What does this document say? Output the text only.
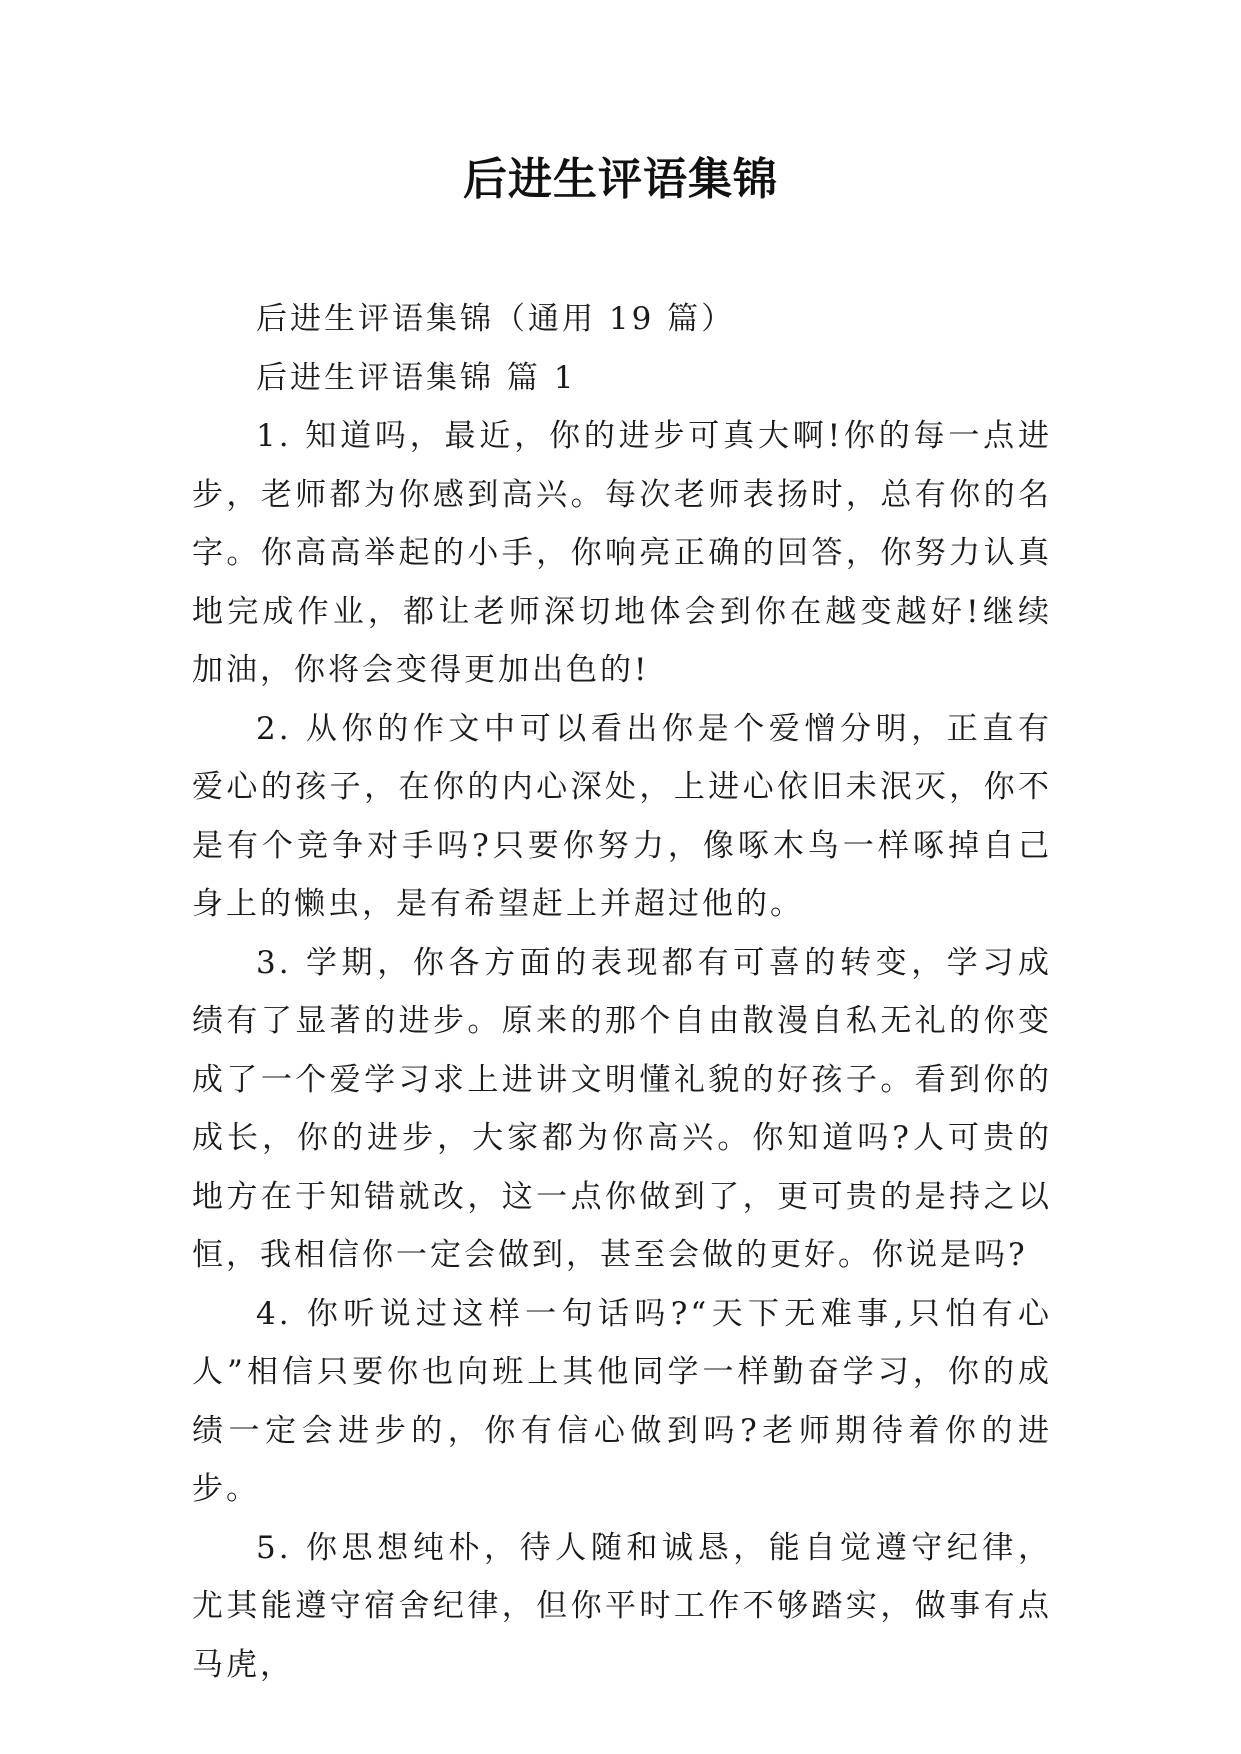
后进生评语集锦

后进生评语集锦（通用 19 篇）

后进生评语集锦 篇 1

1. 知道吗，最近，你的进步可真大啊!你的每一点进步，老师都为你感到高兴。每次老师表扬时，总有你的名字。你高高举起的小手，你响亮正确的回答，你努力认真地完成作业，都让老师深切地体会到你在越变越好!继续加油，你将会变得更加出色的!

2. 从你的作文中可以看出你是个爱憎分明，正直有爱心的孩子，在你的内心深处，上进心依旧未泯灭，你不是有个竞争对手吗?只要你努力，像啄木鸟一样啄掉自己身上的懒虫，是有希望赶上并超过他的。

3. 学期，你各方面的表现都有可喜的转变，学习成绩有了显著的进步。原来的那个自由散漫自私无礼的你变成了一个爱学习求上进讲文明懂礼貌的好孩子。看到你的成长，你的进步，大家都为你高兴。你知道吗?人可贵的地方在于知错就改，这一点你做到了，更可贵的是持之以恒，我相信你一定会做到，甚至会做的更好。你说是吗?

4. 你听说过这样一句话吗?“天下无难事,只怕有心人”相信只要你也向班上其他同学一样勤奋学习，你的成绩一定会进步的，你有信心做到吗?老师期待着你的进步。

5. 你思想纯朴，待人随和诚恳，能自觉遵守纪律，尤其能遵守宿舍纪律，但你平时工作不够踏实，做事有点马虎，
